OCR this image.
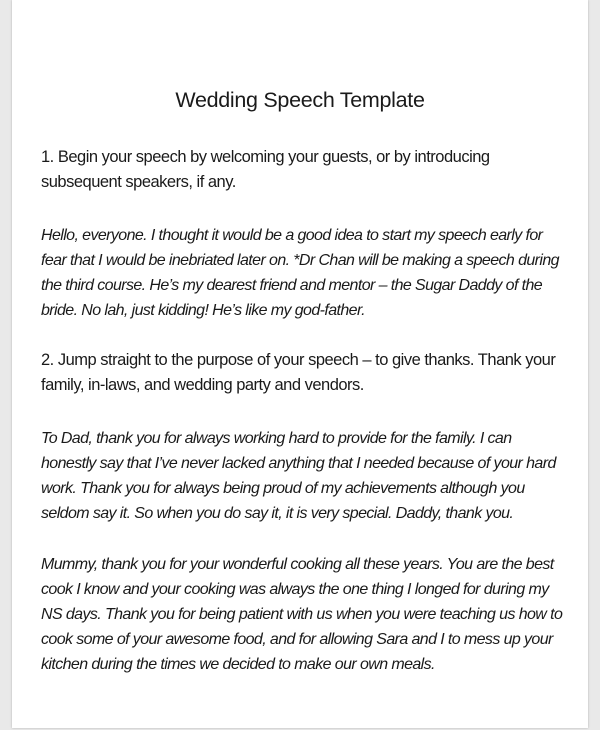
Wedding Speech Template
1. Begin your speech by welcoming your guests, or by introducing
subsequent speakers, if any.
Hello, everyone. I thought it would be a good idea to start my speech early for
fear that I would be inebriated later on. *Dr Chan will be making a speech during
the third course. He’s my dearest friend and mentor – the Sugar Daddy of the
bride. No lah, just kidding! He’s like my god-father.
2. Jump straight to the purpose of your speech – to give thanks. Thank your
family, in-laws, and wedding party and vendors.
To Dad, thank you for always working hard to provide for the family. I can
honestly say that I’ve never lacked anything that I needed because of your hard
work. Thank you for always being proud of my achievements although you
seldom say it. So when you do say it, it is very special. Daddy, thank you.
Mummy, thank you for your wonderful cooking all these years. You are the best
cook I know and your cooking was always the one thing I longed for during my
NS days. Thank you for being patient with us when you were teaching us how to
cook some of your awesome food, and for allowing Sara and I to mess up your
kitchen during the times we decided to make our own meals.
